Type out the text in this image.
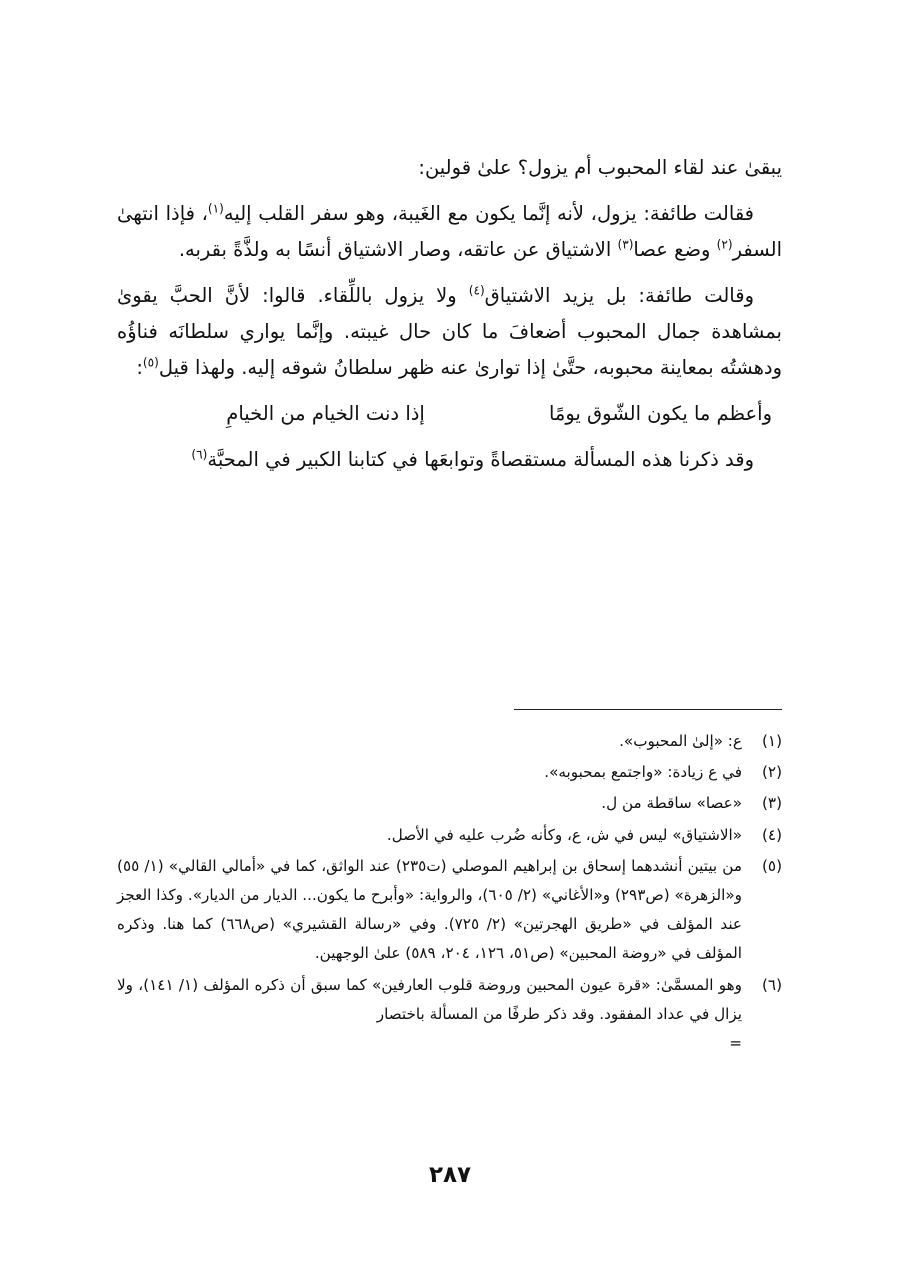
يبقىٰ عند لقاء المحبوب أم يزول؟ علىٰ قولين:

فقالت طائفة: يزول، لأنه إنَّما يكون مع الغَيبة، وهو سفر القلب إليه$^{(١)}$، فإذا انتهىٰ السفر$^{(٢)}$ وضع عصا$^{(٣)}$ الاشتياق عن عاتقه، وصار الاشتياق أنسًا به ولذَّةً بقربه.

وقالت طائفة: بل يزيد الاشتياق$^{(٤)}$ ولا يزول باللِّقاء. قالوا: لأنَّ الحبَّ يقوىٰ بمشاهدة جمال المحبوب أضعافَ ما كان حال غيبته. وإنَّما يواري سلطانَه فناؤُه ودهشتُه بمعاينة محبوبه، حتَّىٰ إذا تواریٰ عنه ظهر سلطانُ شوقه إليه. ولهذا قيل$^{(٥)}$:

وأعظم ما يكون الشّوق يومًا
إذا دنت الخيام من الخيامِ

وقد ذكرنا هذه المسألة مستقصاةً وتوابعَها في كتابنا الكبير في المحبَّة$^{(٦)}$

(١)
ع: «إلىٰ المحبوب».
(٢)
في ع زيادة: «واجتمع بمحبوبه».
(٣)
«عصا» ساقطة من ل.
(٤)
«الاشتياق» ليس في ش، ع، وكأنه ضُرب عليه في الأصل.
(٥)
من بيتين أنشدهما إسحاق بن إبراهيم الموصلي (ت٢٣٥) عند الواثق، كما في «أمالي القالي» (١/ ٥٥) و«الزهرة» (ص٢٩٣) و«الأغاني» (٢/ ٦٠٥)، والرواية: «وأبرح ما يكون... الديار من الديار». وكذا العجز عند المؤلف في «طريق الهجرتين» (٢/ ٧٢٥). وفي «رسالة القشيري» (ص٦٦٨) كما هنا. وذكره المؤلف في «روضة المحبين» (ص٥١، ١٢٦، ٢٠٤، ٥٨٩) علىٰ الوجهين.
(٦)
وهو المسمَّىٰ: «قرة عيون المحبين وروضة قلوب العارفين» كما سبق أن ذكره المؤلف (١/ ١٤١)، ولا يزال في عداد المفقود. وقد ذكر طرفًا من المسألة باختصار
=
٢٨٧
